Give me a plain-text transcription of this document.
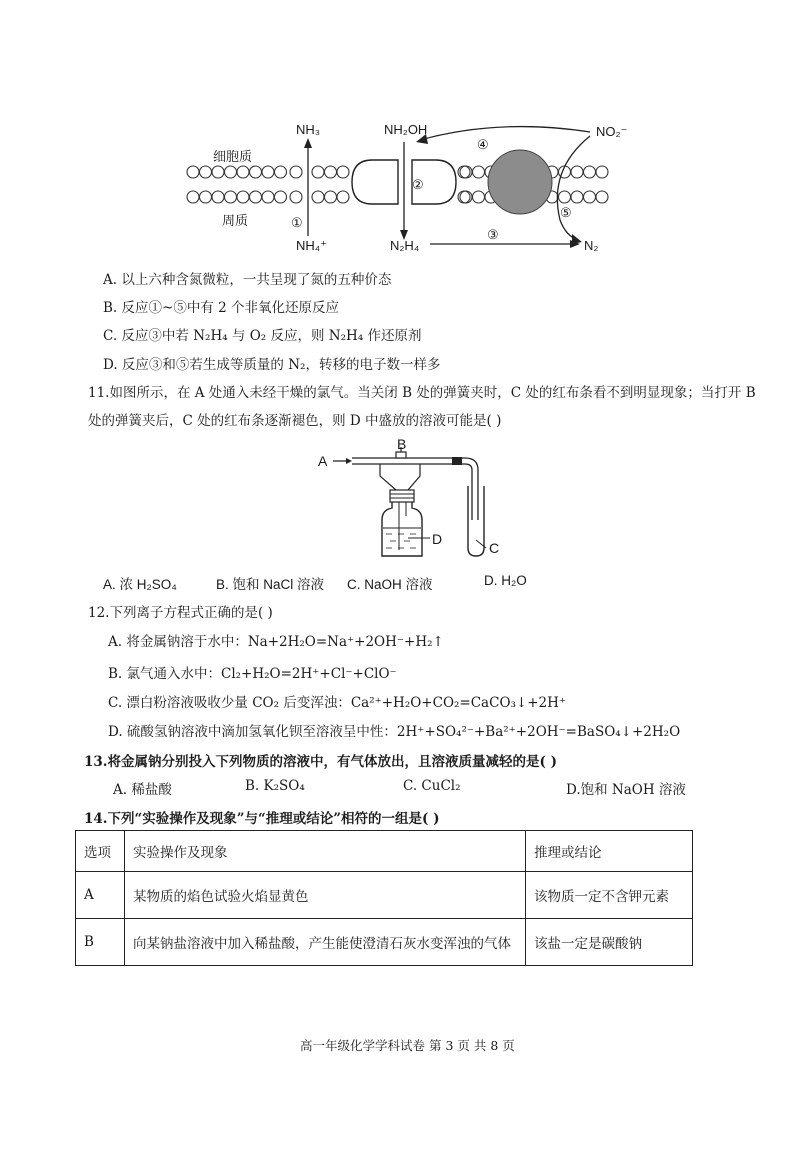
细胞质
周质
NH₃
NH₄⁺
NH₂OH
N₂H₄
NO₂⁻
N₂
①
②
③
④
⑤
A. 以上六种含氮微粒，一共呈现了氮的五种价态
B. 反应①~⑤中有 2 个非氧化还原反应
C. 反应③中若 N₂H₄ 与 O₂ 反应，则 N₂H₄ 作还原剂
D. 反应③和⑤若生成等质量的 N₂，转移的电子数一样多
11.如图所示，在 A 处通入未经干燥的氯气。当关闭 B 处的弹簧夹时，C 处的红布条看不到明显现象；当打开 B
处的弹簧夹后，C 处的红布条逐渐褪色，则 D 中盛放的溶液可能是( )
A
B
D
C
A. 浓 H₂SO₄	B. 饱和 NaCl 溶液 C. NaOH 溶液	D. H₂O
12.下列离子方程式正确的是( )
A. 将金属钠溶于水中：Na+2H₂O=Na⁺+2OH⁻+H₂↑
B. 氯气通入水中：Cl₂+H₂O=2H⁺+Cl⁻+ClO⁻
C. 漂白粉溶液吸收少量 CO₂ 后变浑浊：Ca²⁺+H₂O+CO₂=CaCO₃↓+2H⁺
D. 硫酸氢钠溶液中滴加氢氧化钡至溶液呈中性：2H⁺+SO₄²⁻+Ba²⁺+2OH⁻=BaSO₄↓+2H₂O
13.将金属钠分别投入下列物质的溶液中，有气体放出，且溶液质量减轻的是( )
A. 稀盐酸	B. K₂SO₄	C. CuCl₂	D.饱和 NaOH 溶液
14.下列“实验操作及现象”与“推理或结论”相符的一组是( )
选项	实验操作及现象	推理或结论
A	某物质的焰色试验火焰显黄色	该物质一定不含钾元素
B	向某钠盐溶液中加入稀盐酸，产生能使澄清石灰水变浑浊的气体	该盐一定是碳酸钠
高一年级化学学科试卷 第 3 页 共 8 页
